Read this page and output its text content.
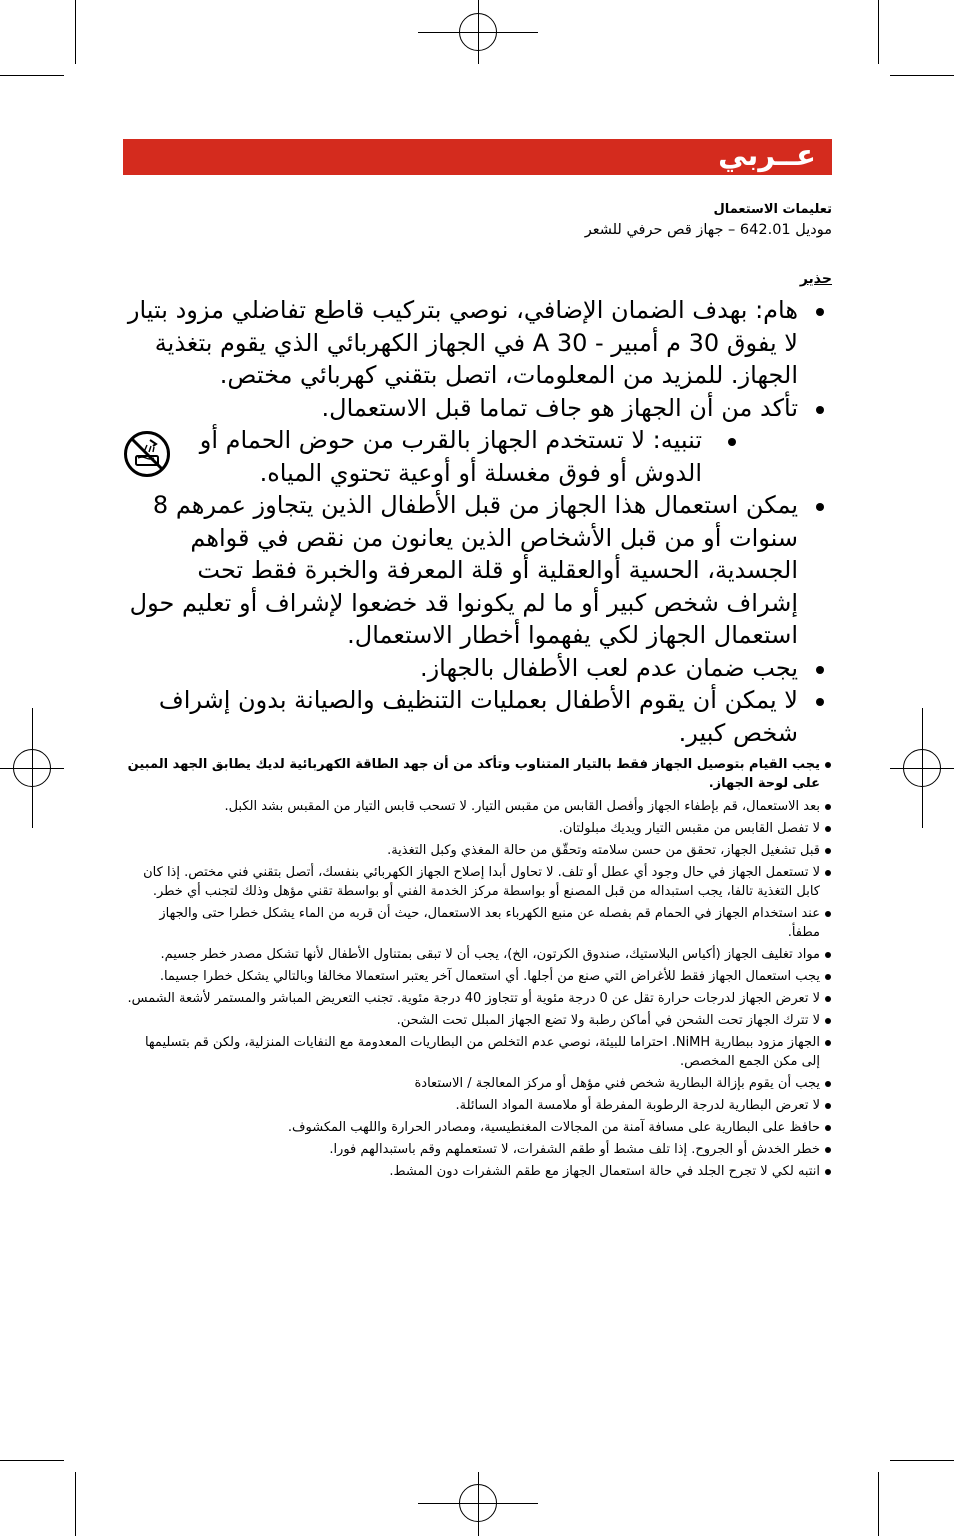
عــربي

تعليمات الاستعمال

موديل 642.01 – جهاز قص حرفي للشعر

حذير

هام: بهدف الضمان الإضافي، نوصي بتركيب قاطع تفاضلي مزود بتيار لا يفوق 30 م أمبير - A 30 في الجهاز الكهربائي الذي يقوم بتغذية الجهاز. للمزيد من المعلومات، اتصل بتقني كهربائي مختص.
تأكد من أن الجهاز هو جاف تماما قبل الاستعمال.
تنبيه: لا تستخدم الجهاز بالقرب من حوض الحمام أو الدوش أو فوق مغسلة أو أوعية تحتوي المياه.
يمكن استعمال هذا الجهاز من قبل الأطفال الذين يتجاوز عمرهم 8 سنوات أو من قبل الأشخاص الذين يعانون من نقص في قواهم الجسدية، الحسية أوالعقلية أو قلة المعرفة والخبرة فقط تحت إشراف شخص كبير أو ما لم يكونوا قد خضعوا لإشراف أو تعليم حول استعمال الجهاز لكي يفهموا أخطار الاستعمال.
يجب ضمان عدم لعب الأطفال بالجهاز.
لا يمكن أن يقوم الأطفال بعمليات التنظيف والصيانة بدون إشراف شخص كبير.
يجب القيام بتوصيل الجهاز فقط بالتيار المتناوب وتأكد من أن جهد الطاقة الكهربائية لديك يطابق الجهد المبين على لوحة الجهاز.
بعد الاستعمال، قم بإطفاء الجهاز وأفصل القابس من مقبس التيار. لا تسحب قابس التيار من المقبس بشد الكبل.
لا تفصل القابس من مقبس التيار ويديك مبلولتان.
قبل تشغيل الجهاز، تحقق من حسن سلامته وتحقّق من حالة المغذي وكبل التغذية.
لا تستعمل الجهاز في حال وجود أي عطل أو تلف. لا تحاول أبدا إصلاح الجهاز الكهربائي بنفسك، أتصل بتقني فني مختص. إذا كان كابل التغذية تالفا، يجب استبداله من قبل المصنع أو بواسطة مركز الخدمة الفني أو بواسطة تقني مؤهل وذلك لتجنب أي خطر.
عند استخدام الجهاز في الحمام قم بفصله عن منبع الكهرباء بعد الاستعمال، حيث أن قربه من الماء يشكل خطرا حتى والجهاز مطفأ.
مواد تغليف الجهاز (أكياس البلاستيك، صندوق الكرتون، الخ)، يجب أن لا تبقى بمتناول الأطفال لأنها تشكل مصدر خطر جسيم.
يجب استعمال الجهاز فقط للأغراض التي صنع من أجلها. أي استعمال آخر يعتبر استعمالا مخالفا وبالتالي يشكل خطرا جسيما.
لا تعرض الجهاز لدرجات حرارة تقل عن 0 درجة مئوية أو تتجاوز 40 درجة مئوية. تجنب التعريض المباشر والمستمر لأشعة الشمس.
لا تترك الجهاز تحت الشحن في أماكن رطبة ولا تضع الجهاز المبلل تحت الشحن.
الجهاز مزود ببطارية NiMH. احتراما للبيئة، نوصي عدم التخلص من البطاريات المعدومة مع النفايات المنزلية، ولكن قم بتسليمها إلى مكن الجمع المخصص.
يجب أن يقوم بإزالة البطارية شخص فني مؤهل أو مركز المعالجة / الاستعادة
لا تعرض البطارية لدرجة الرطوبة المفرطة أو ملامسة المواد السائلة.
حافظ على البطارية على مسافة آمنة من المجالات المغنطيسية، ومصادر الحرارة واللهب المكشوف.
خطر الخدش أو الجروح. إذا تلف مشط أو طقم الشفرات، لا تستعملهم وقم باستبدالهم فورا.
انتبه لكي لا تجرح الجلد في حالة استعمال الجهاز مع طقم الشفرات دون المشط.
